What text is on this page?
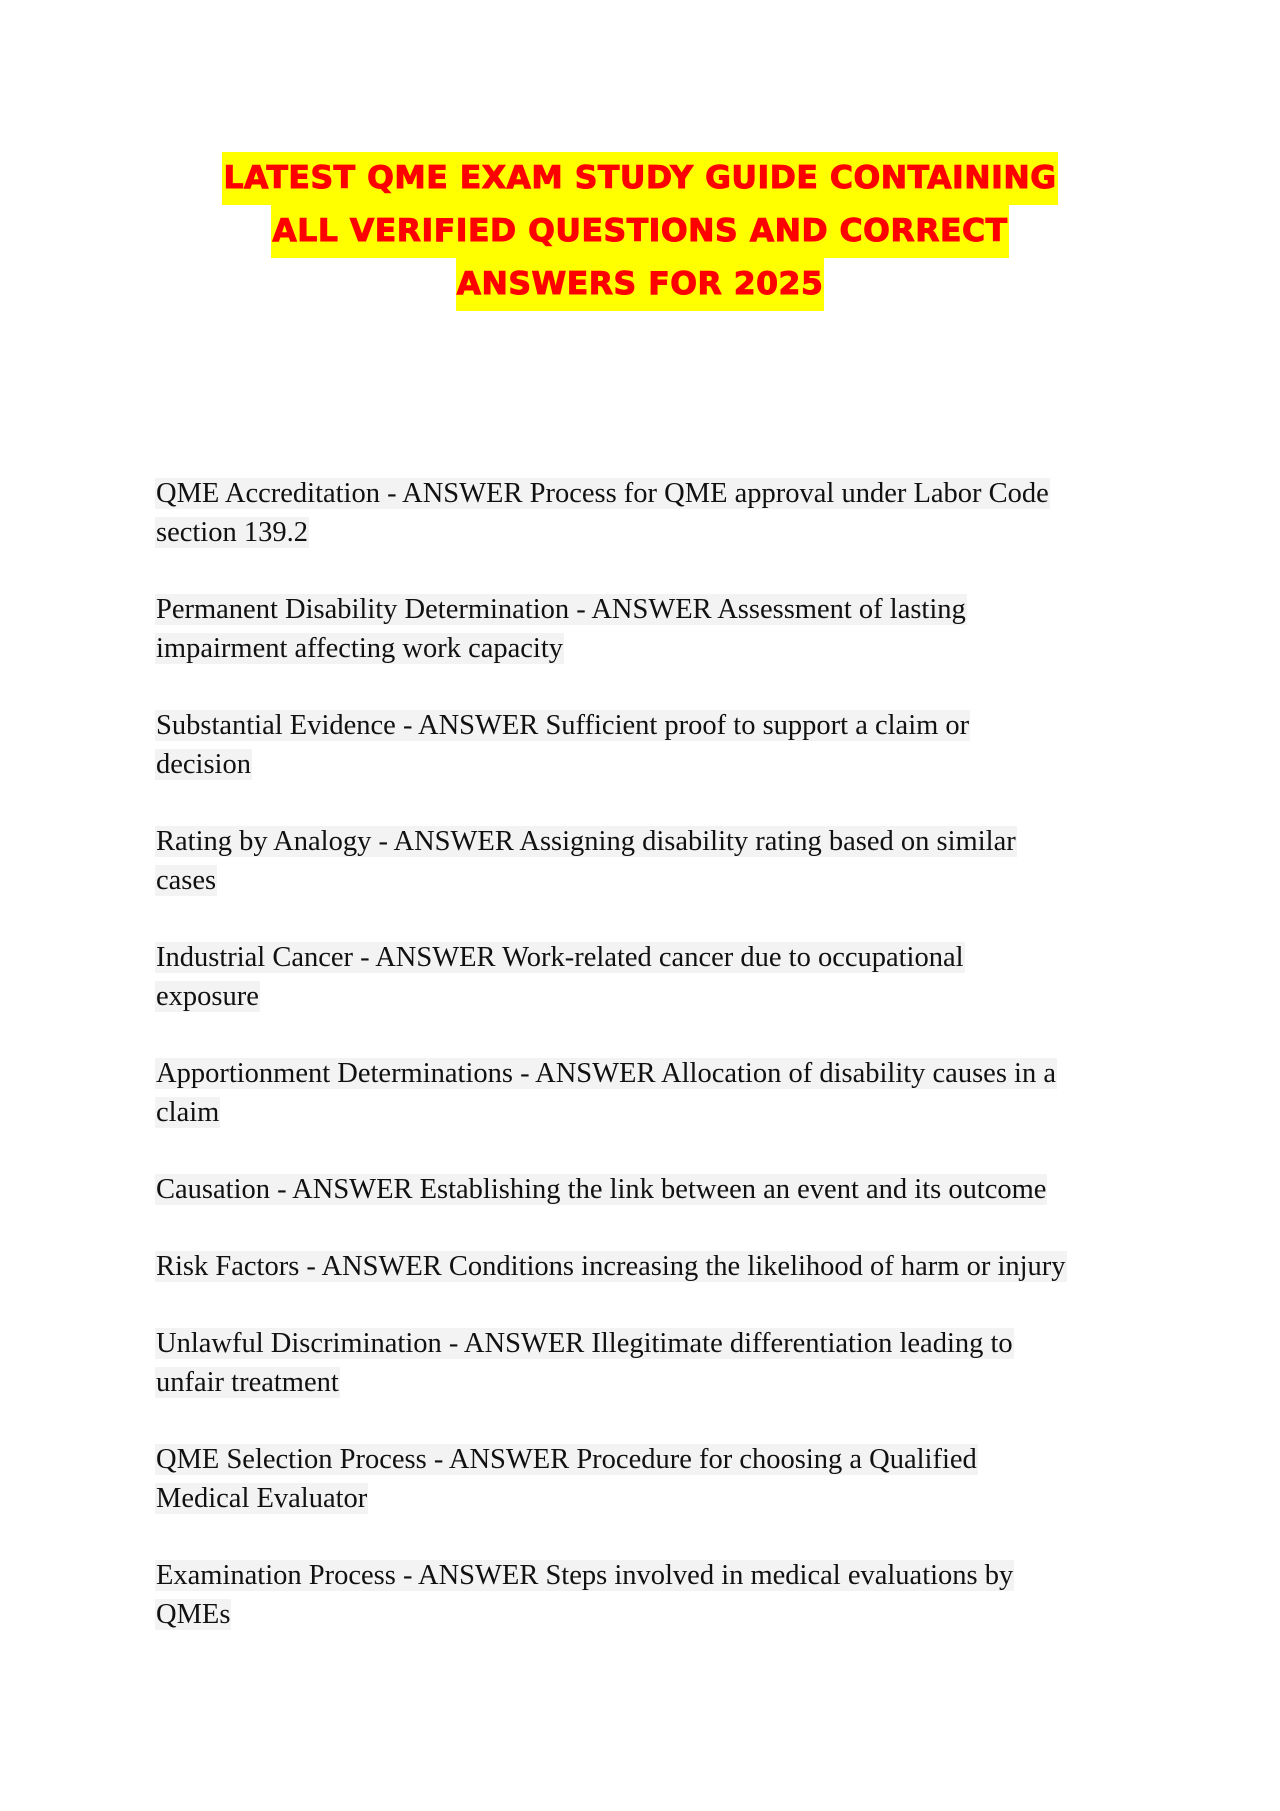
LATEST QME EXAM STUDY GUIDE CONTAINING
ALL VERIFIED QUESTIONS AND CORRECT
ANSWERS FOR 2025
QME Accreditation - ANSWER Process for QME approval under Labor Code
section 139.2
Permanent Disability Determination - ANSWER Assessment of lasting
impairment affecting work capacity
Substantial Evidence - ANSWER Sufficient proof to support a claim or
decision
Rating by Analogy - ANSWER Assigning disability rating based on similar
cases
Industrial Cancer - ANSWER Work-related cancer due to occupational
exposure
Apportionment Determinations - ANSWER Allocation of disability causes in a
claim
Causation - ANSWER Establishing the link between an event and its outcome
Risk Factors - ANSWER Conditions increasing the likelihood of harm or injury
Unlawful Discrimination - ANSWER Illegitimate differentiation leading to
unfair treatment
QME Selection Process - ANSWER Procedure for choosing a Qualified
Medical Evaluator
Examination Process - ANSWER Steps involved in medical evaluations by
QMEs
